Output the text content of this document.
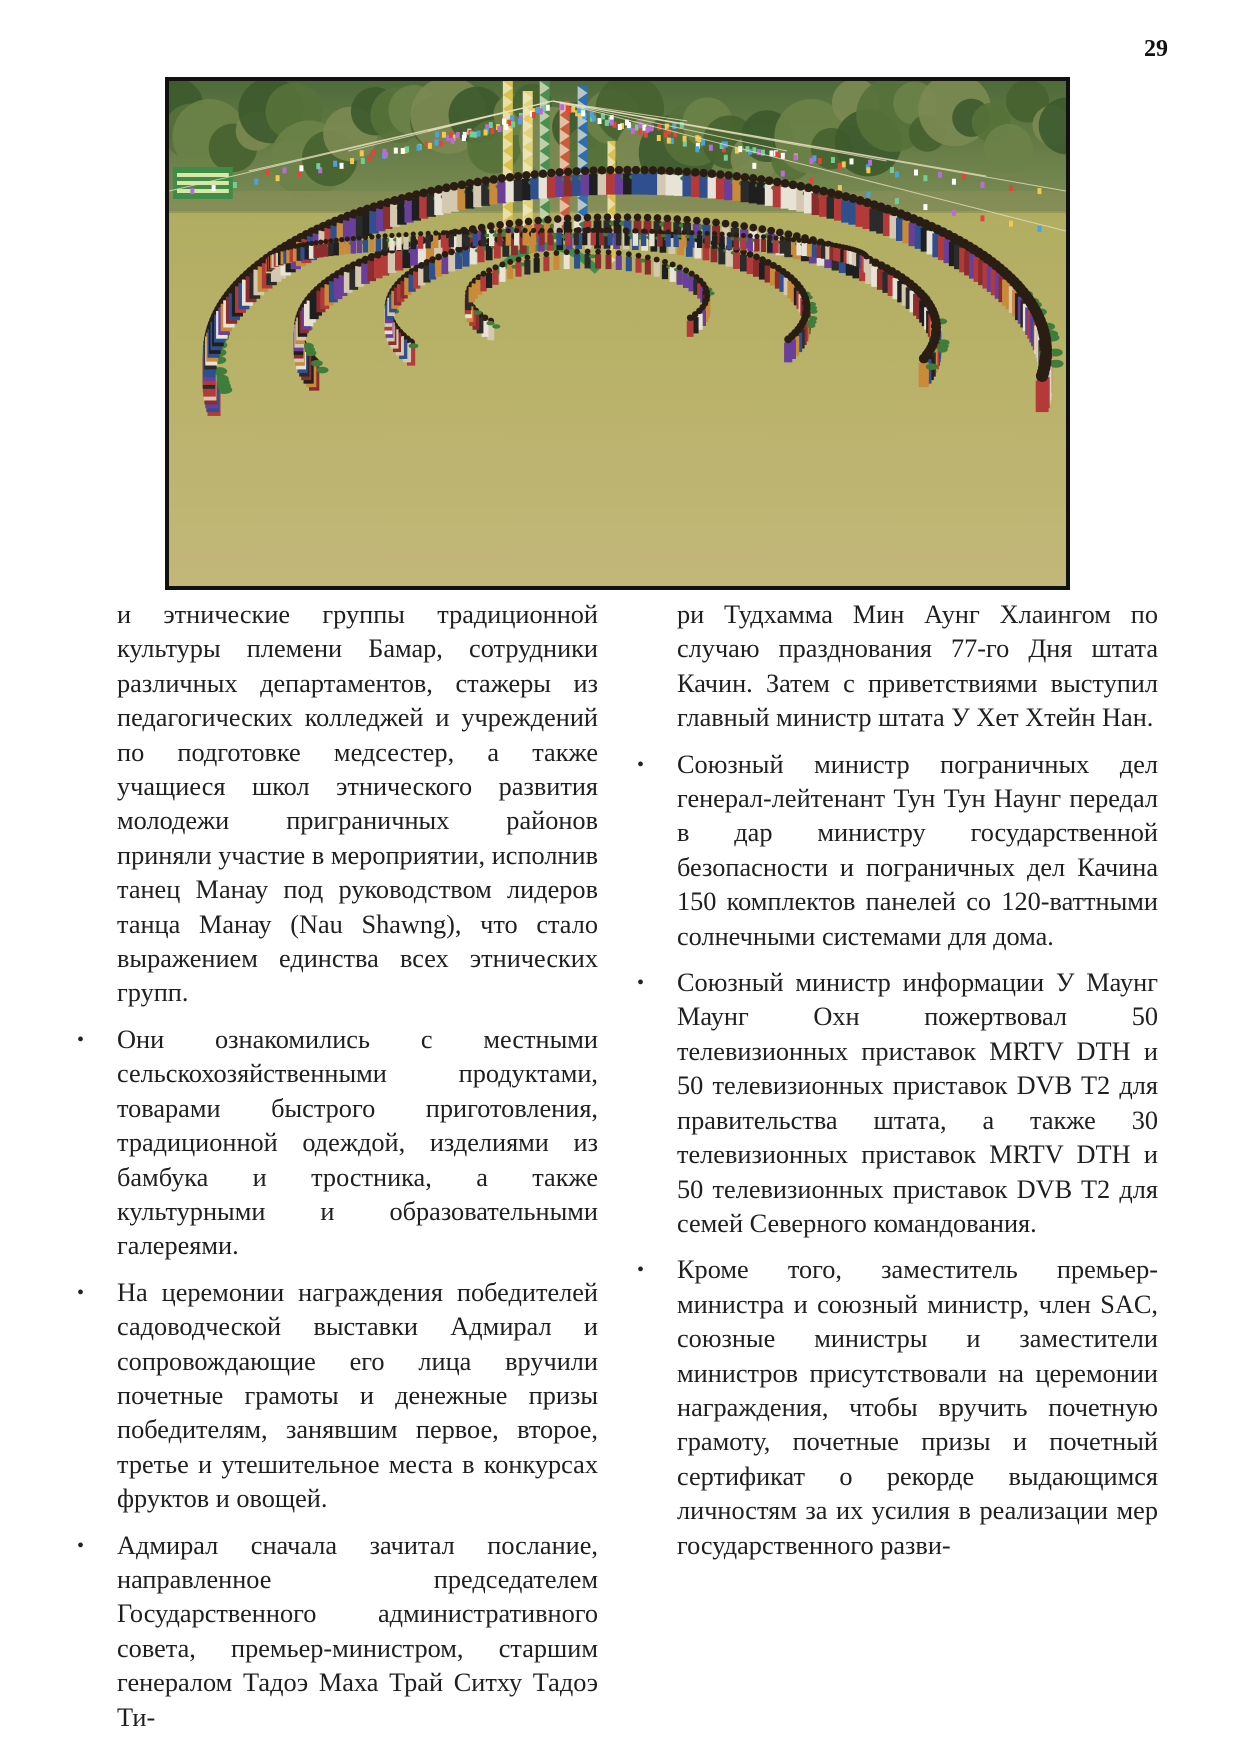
29

и этнические группы традиционной культуры племени Бамар, сотрудники различных департаментов, стажеры из педагогических колледжей и учреждений по подготовке медсестер, а также учащиеся школ этнического развития молодежи приграничных районов приняли участие в мероприятии, исполнив танец Манау под руководством лидеров танца Манау (Nau Shawng), что стало выражением единства всех этнических групп.

• Они ознакомились с местными сельскохозяйственными продуктами, товарами быстрого приготовления, традиционной одеждой, изделиями из бамбука и тростника, а также культурными и образовательными галереями.

• На церемонии награждения победителей садоводческой выставки Адмирал и сопровождающие его лица вручили почетные грамоты и денежные призы победителям, занявшим первое, второе, третье и утешительное места в конкурсах фруктов и овощей.

• Адмирал сначала зачитал послание, направленное председателем Государственного административного совета, премьер-министром, старшим генералом Тадоэ Маха Трай Ситху Тадоэ Ти-

ри Тудхамма Мин Аунг Хлаингом по случаю празднования 77-го Дня штата Качин. Затем с приветствиями выступил главный министр штата У Хет Хтейн Нан.

• Союзный министр пограничных дел генерал-лейтенант Тун Тун Наунг передал в дар министру государственной безопасности и пограничных дел Качина 150 комплектов панелей со 120-ваттными солнечными системами для дома.

• Союзный министр информации У Маунг Маунг Охн пожертвовал 50 телевизионных приставок MRTV DTH и 50 телевизионных приставок DVB T2 для правительства штата, а также 30 телевизионных приставок MRTV DTH и 50 телевизионных приставок DVB T2 для семей Северного командования.

• Кроме того, заместитель премьер-министра и союзный министр, член SAC, союзные министры и заместители министров присутствовали на церемонии награждения, чтобы вручить почетную грамоту, почетные призы и почетный сертификат о рекорде выдающимся личностям за их усилия в реализации мер государственного разви-
